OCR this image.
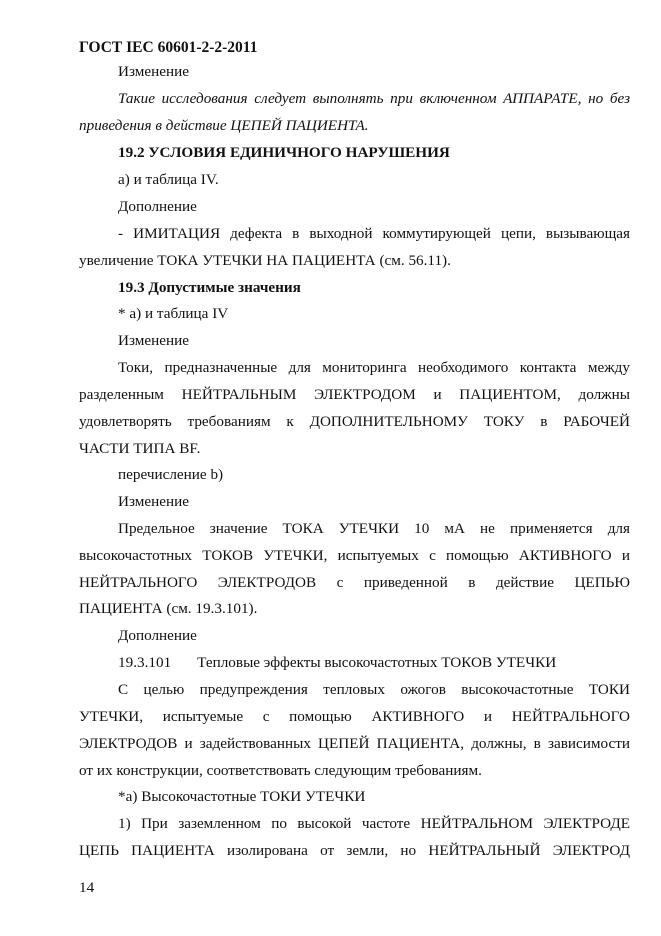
ГОСТ IEC 60601-2-2-2011

Изменение

Такие исследования следует выполнять при включенном АППАРАТЕ, но без

приведения в действие ЦЕПЕЙ ПАЦИЕНТА.

19.2 УСЛОВИЯ ЕДИНИЧНОГО НАРУШЕНИЯ

а) и таблица IV.

Дополнение

- ИМИТАЦИЯ дефекта в выходной коммутирующей цепи, вызывающая

увеличение ТОКА УТЕЧКИ НА ПАЦИЕНТА (см. 56.11).

19.3 Допустимые значения

* а) и таблица IV

Изменение

Токи, предназначенные для мониторинга необходимого контакта между

разделенным НЕЙТРАЛЬНЫМ ЭЛЕКТРОДОМ и ПАЦИЕНТОМ, должны

удовлетворять требованиям к ДОПОЛНИТЕЛЬНОМУ ТОКУ в РАБОЧЕЙ

ЧАСТИ ТИПА BF.

перечисление b)

Изменение

Предельное значение ТОКА УТЕЧКИ 10 мА не применяется для

высокочастотных ТОКОВ УТЕЧКИ, испытуемых с помощью АКТИВНОГО и

НЕЙТРАЛЬНОГО ЭЛЕКТРОДОВ с приведенной в действие ЦЕПЬЮ

ПАЦИЕНТА (см. 19.3.101).

Дополнение

19.3.101 Тепловые эффекты высокочастотных ТОКОВ УТЕЧКИ

С целью предупреждения тепловых ожогов высокочастотные ТОКИ

УТЕЧКИ, испытуемые с помощью АКТИВНОГО и НЕЙТРАЛЬНОГО

ЭЛЕКТРОДОВ и задействованных ЦЕПЕЙ ПАЦИЕНТА, должны, в зависимости

от их конструкции, соответствовать следующим требованиям.

*а) Высокочастотные ТОКИ УТЕЧКИ

1) При заземленном по высокой частоте НЕЙТРАЛЬНОМ ЭЛЕКТРОДЕ

ЦЕПЬ ПАЦИЕНТА изолирована от земли, но НЕЙТРАЛЬНЫЙ ЭЛЕКТРОД

14
